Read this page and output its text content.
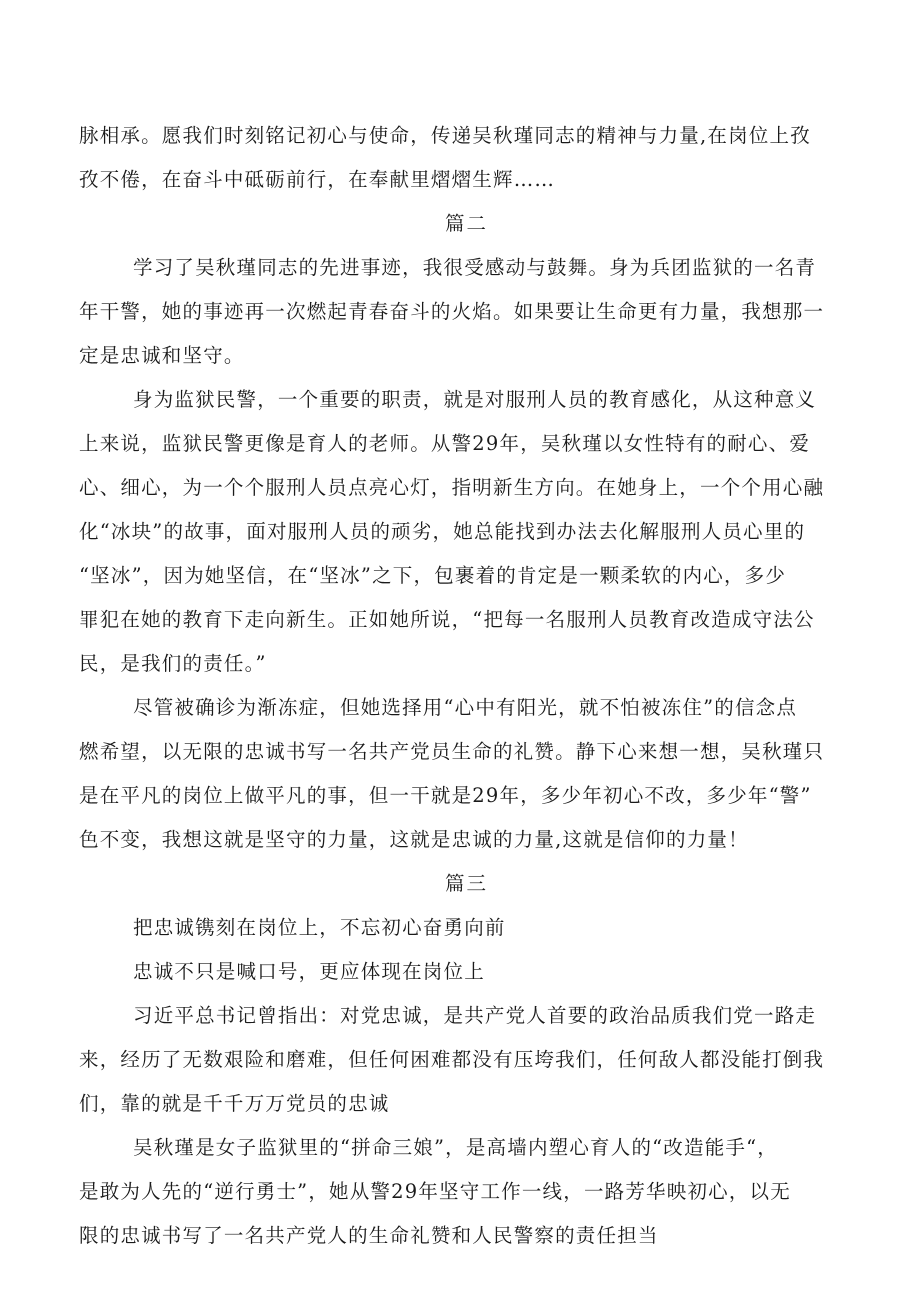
脉相承。愿我们时刻铭记初心与使命，传递吴秋瑾同志的精神与力量,在岗位上孜
孜不倦，在奋斗中砥砺前行，在奉献里熠熠生辉……
篇二
学习了吴秋瑾同志的先进事迹，我很受感动与鼓舞。身为兵团监狱的一名青
年干警，她的事迹再一次燃起青春奋斗的火焰。如果要让生命更有力量，我想那一
定是忠诚和坚守。
身为监狱民警，一个重要的职责，就是对服刑人员的教育感化，从这种意义
上来说，监狱民警更像是育人的老师。从警29年，吴秋瑾以女性特有的耐心、爱
心、细心，为一个个服刑人员点亮心灯，指明新生方向。在她身上，一个个用心融
化“冰块”的故事，面对服刑人员的顽劣，她总能找到办法去化解服刑人员心里的
“坚冰”，因为她坚信，在“坚冰”之下，包裹着的肯定是一颗柔软的内心，多少
罪犯在她的教育下走向新生。正如她所说，“把每一名服刑人员教育改造成守法公
民，是我们的责任。”
尽管被确诊为渐冻症，但她选择用“心中有阳光，就不怕被冻住”的信念点
燃希望，以无限的忠诚书写一名共产党员生命的礼赞。静下心来想一想，吴秋瑾只
是在平凡的岗位上做平凡的事，但一干就是29年，多少年初心不改，多少年“警”
色不变，我想这就是坚守的力量，这就是忠诚的力量,这就是信仰的力量！
篇三
把忠诚镌刻在岗位上，不忘初心奋勇向前
忠诚不只是喊口号，更应体现在岗位上
习近平总书记曾指出：对党忠诚，是共产党人首要的政治品质我们党一路走
来，经历了无数艰险和磨难，但任何困难都没有压垮我们，任何敌人都没能打倒我
们，靠的就是千千万万党员的忠诚
吴秋瑾是女子监狱里的“拼命三娘”，是高墙内塑心育人的“改造能手“，
是敢为人先的“逆行勇士”，她从警29年坚守工作一线，一路芳华映初心，以无
限的忠诚书写了一名共产党人的生命礼赞和人民警察的责任担当
